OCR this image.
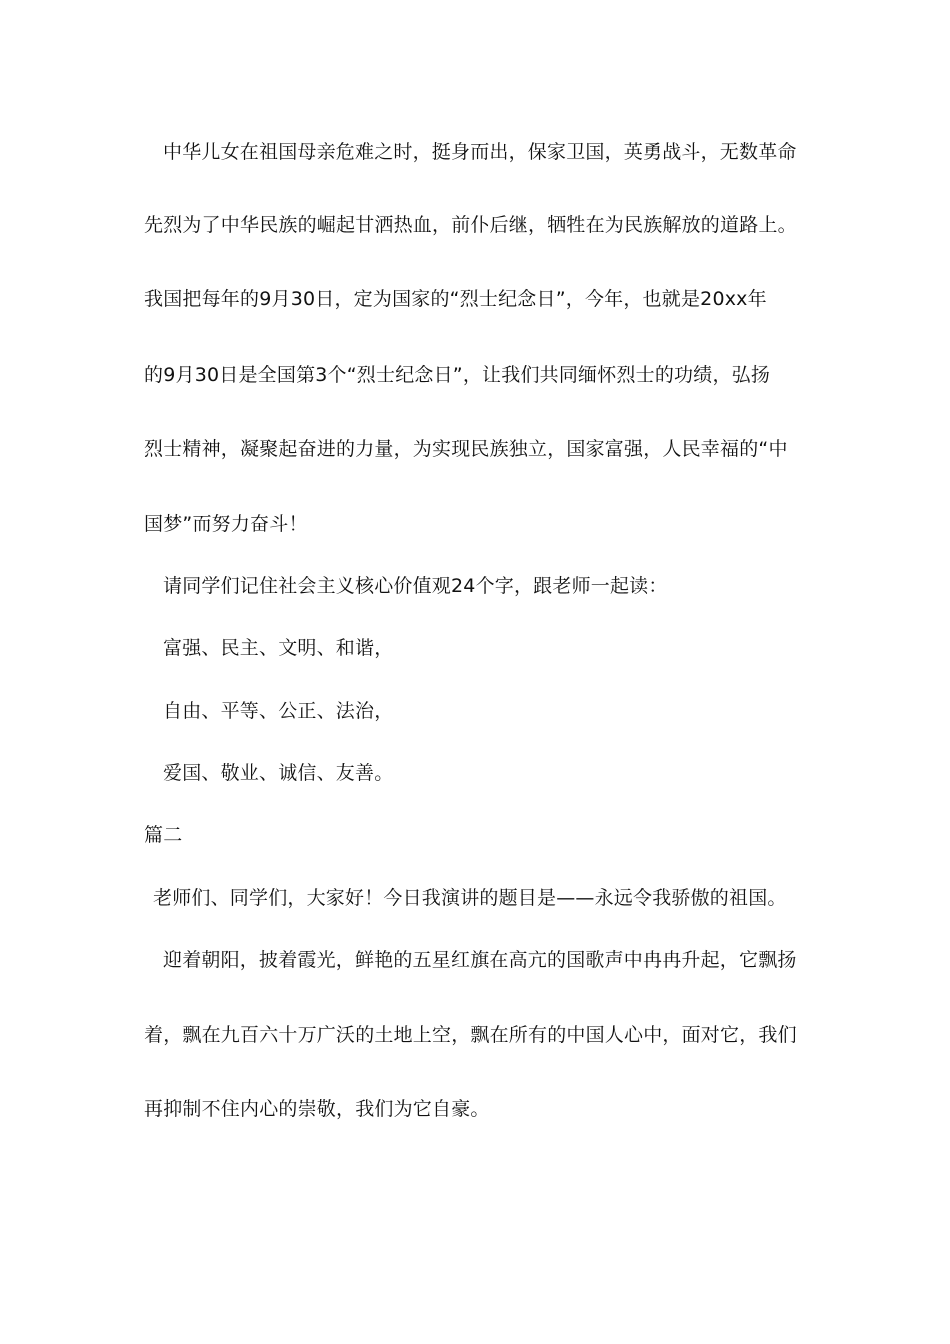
中华儿女在祖国母亲危难之时，挺身而出，保家卫国，英勇战斗，无数革命
先烈为了中华民族的崛起甘洒热血，前仆后继，牺牲在为民族解放的道路上。
我国把每年的9月30日，定为国家的“烈士纪念日”，今年，也就是20xx年
的9月30日是全国第3个“烈士纪念日”，让我们共同缅怀烈士的功绩，弘扬
烈士精神，凝聚起奋进的力量，为实现民族独立，国家富强，人民幸福的“中
国梦”而努力奋斗！
请同学们记住社会主义核心价值观24个字，跟老师一起读：
富强、民主、文明、和谐，
自由、平等、公正、法治，
爱国、敬业、诚信、友善。
篇二
老师们、同学们，大家好！今日我演讲的题目是——永远令我骄傲的祖国。
迎着朝阳，披着霞光，鲜艳的五星红旗在高亢的国歌声中冉冉升起，它飘扬
着，飘在九百六十万广沃的土地上空，飘在所有的中国人心中，面对它，我们
再抑制不住内心的崇敬，我们为它自豪。
